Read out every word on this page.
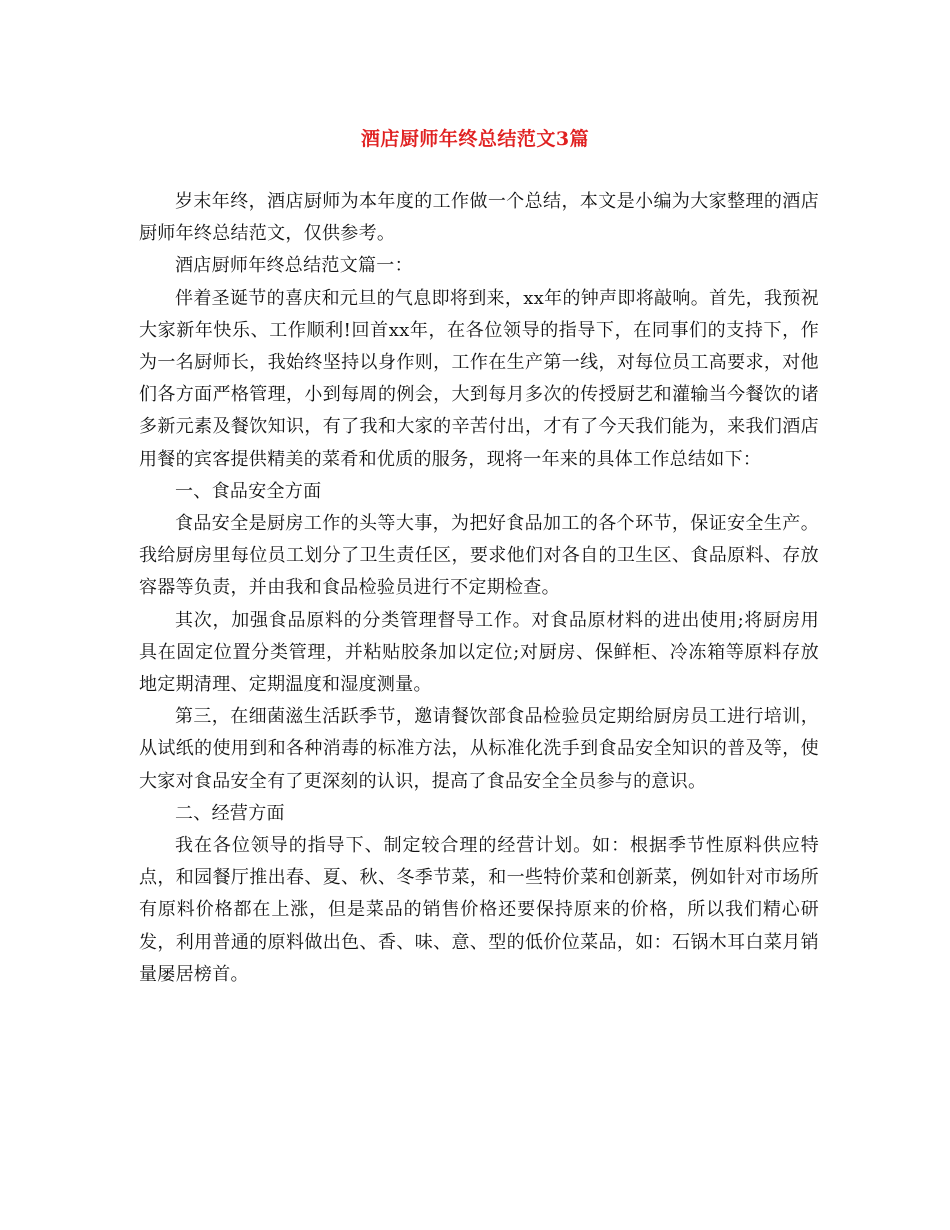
酒店厨师年终总结范文3篇

岁末年终，酒店厨师为本年度的工作做一个总结，本文是小编为大家整理的酒店厨师年终总结范文，仅供参考。

酒店厨师年终总结范文篇一：

伴着圣诞节的喜庆和元旦的气息即将到来，xx年的钟声即将敲响。首先，我预祝大家新年快乐、工作顺利!回首xx年，在各位领导的指导下，在同事们的支持下，作为一名厨师长，我始终坚持以身作则，工作在生产第一线，对每位员工高要求，对他们各方面严格管理，小到每周的例会，大到每月多次的传授厨艺和灌输当今餐饮的诸多新元素及餐饮知识，有了我和大家的辛苦付出，才有了今天我们能为，来我们酒店用餐的宾客提供精美的菜肴和优质的服务，现将一年来的具体工作总结如下：

一、食品安全方面

食品安全是厨房工作的头等大事，为把好食品加工的各个环节，保证安全生产。我给厨房里每位员工划分了卫生责任区，要求他们对各自的卫生区、食品原料、存放容器等负责，并由我和食品检验员进行不定期检查。

其次，加强食品原料的分类管理督导工作。对食品原材料的进出使用;将厨房用具在固定位置分类管理，并粘贴胶条加以定位;对厨房、保鲜柜、冷冻箱等原料存放地定期清理、定期温度和湿度测量。

第三，在细菌滋生活跃季节，邀请餐饮部食品检验员定期给厨房员工进行培训，从试纸的使用到和各种消毒的标准方法，从标准化洗手到食品安全知识的普及等，使大家对食品安全有了更深刻的认识，提高了食品安全全员参与的意识。

二、经营方面

我在各位领导的指导下、制定较合理的经营计划。如：根据季节性原料供应特点，和园餐厅推出春、夏、秋、冬季节菜，和一些特价菜和创新菜，例如针对市场所有原料价格都在上涨，但是菜品的销售价格还要保持原来的价格，所以我们精心研发，利用普通的原料做出色、香、味、意、型的低价位菜品，如：石锅木耳白菜月销量屡居榜首。
